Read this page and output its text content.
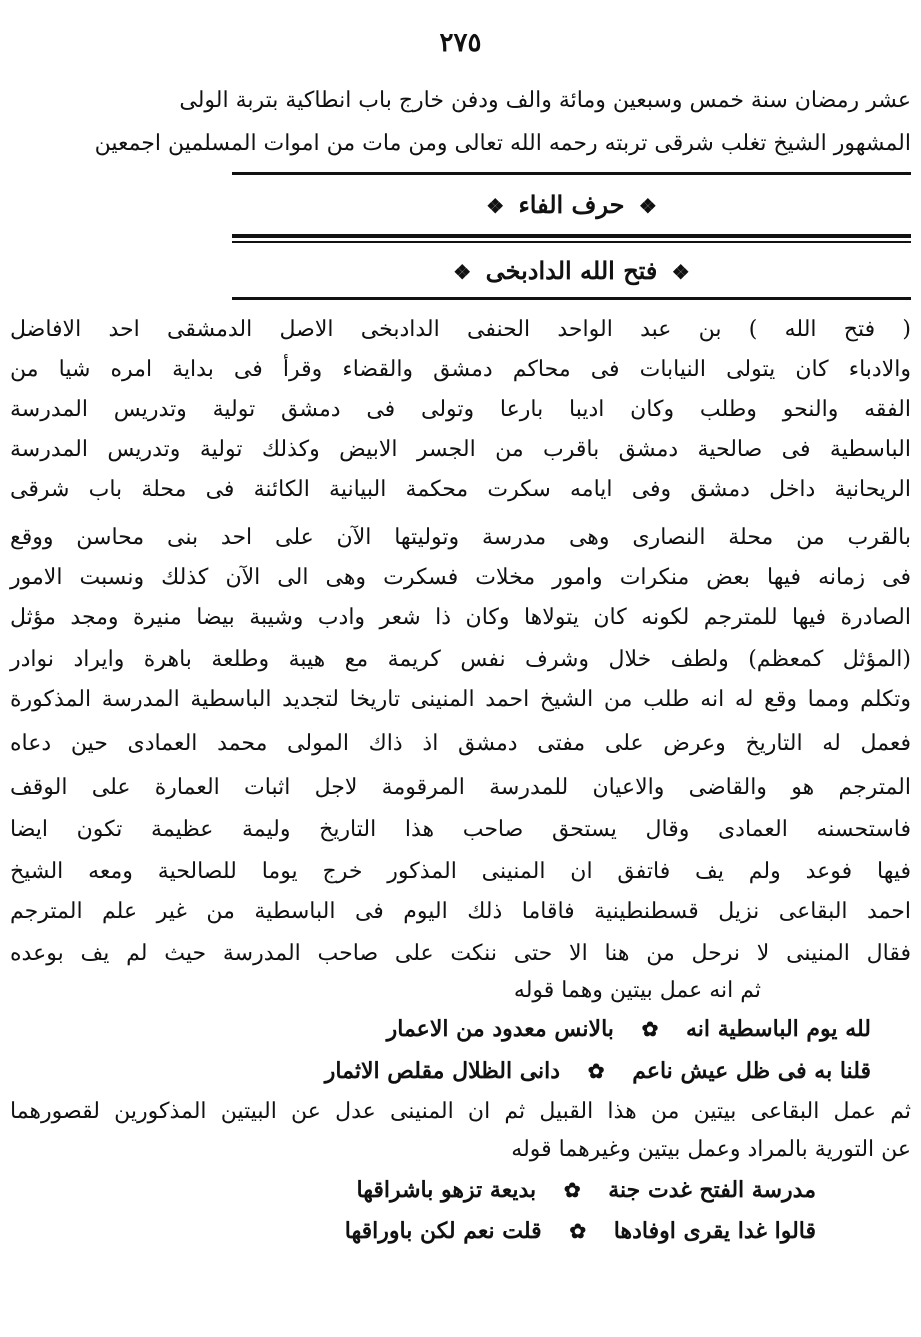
٢٧٥
عشر رمضان سنة خمس وسبعين ومائة والف ودفن خارج باب انطاكية بتربة الولى
المشهور الشيخ تغلب شرقى تربته رحمه الله تعالى ومن مات من اموات المسلمين اجمعين
❖ حرف الفاء ❖
❖ فتح الله الدادبخى ❖
( فتح الله ) بن عبد الواحد الحنفى الدادبخى الاصل الدمشقى احد الافاضل
والادباء كان يتولى النيابات فى محاكم دمشق والقضاء وقرأ فى بداية امره شيا من
الفقه والنحو وطلب وكان اديبا بارعا وتولى فى دمشق تولية وتدريس المدرسة
الباسطية فى صالحية دمشق باقرب من الجسر الابيض وكذلك تولية وتدريس المدرسة
الريحانية داخل دمشق وفى ايامه سكرت محكمة البيانية الكائنة فى محلة باب شرقى
بالقرب من محلة النصارى وهى مدرسة وتوليتها الآن على احد بنى محاسن ووقع
فى زمانه فيها بعض منكرات وامور مخلات فسكرت وهى الى الآن كذلك ونسبت الامور
الصادرة فيها للمترجم لكونه كان يتولاها وكان ذا شعر وادب وشيبة بيضا منيرة ومجد مؤثل
(المؤثل كمعظم) ولطف خلال وشرف نفس كريمة مع هيبة وطلعة باهرة وايراد نوادر
وتكلم ومما وقع له انه طلب من الشيخ احمد المنينى تاريخا لتجديد الباسطية المدرسة المذكورة
فعمل له التاريخ وعرض على مفتى دمشق اذ ذاك المولى محمد العمادى حين دعاه
المترجم هو والقاضى والاعيان للمدرسة المرقومة لاجل اثبات العمارة على الوقف
فاستحسنه العمادى وقال يستحق صاحب هذا التاريخ وليمة عظيمة تكون ايضا
فيها فوعد ولم يف فاتفق ان المنينى المذكور خرج يوما للصالحية ومعه الشيخ
احمد البقاعى نزيل قسطنطينية فاقاما ذلك اليوم فى الباسطية من غير علم المترجم
فقال المنينى لا نرحل من هنا الا حتى ننكت على صاحب المدرسة حيث لم يف بوعده
ثم انه عمل بيتين وهما قوله
لله يوم الباسطية انه ✿ بالانس معدود من الاعمار
قلنا به فى ظل عيش ناعم ✿ دانى الظلال مقلص الاثمار
ثم عمل البقاعى بيتين من هذا القبيل ثم ان المنينى عدل عن البيتين المذكورين لقصورهما
عن التورية بالمراد وعمل بيتين وغيرهما قوله
مدرسة الفتح غدت جنة ✿ بديعة تزهو باشراقها
قالوا غدا يقرى اوفادها ✿ قلت نعم لكن باوراقها
